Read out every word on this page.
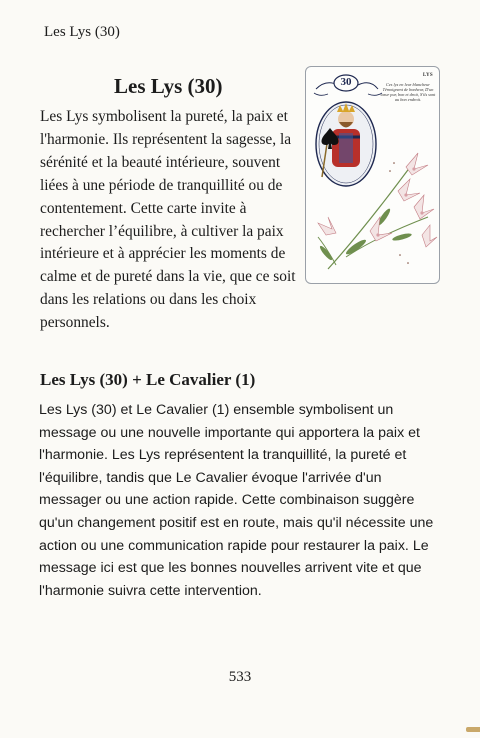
Les Lys (30)
Les Lys (30)

Les Lys symbolisent la pureté, la paix et l'harmonie. Ils représentent la sagesse, la sérénité et la beauté intérieure, souvent liées à une période de tranquillité ou de contentement. Cette carte invite à rechercher l’équilibre, à cultiver la paix intérieure et à apprécier les moments de calme et de pureté dans la vie, que ce soit dans les relations ou dans les choix personnels.

30
LYS
Ces lys en leur blancheur Témoignent de bonheur, D'un cœur pur, bon et droit, S'ils sont au bon endroit.
Les Lys (30) + Le Cavalier (1)

Les Lys (30) et Le Cavalier (1) ensemble symbolisent un message ou une nouvelle importante qui apportera la paix et l'harmonie. Les Lys représentent la tranquillité, la pureté et l'équilibre, tandis que Le Cavalier évoque l'arrivée d'un messager ou une action rapide. Cette combinaison suggère qu'un changement positif est en route, mais qu'il nécessite une action ou une communication rapide pour restaurer la paix. Le message ici est que les bonnes nouvelles arrivent vite et que l'harmonie suivra cette intervention.

533
